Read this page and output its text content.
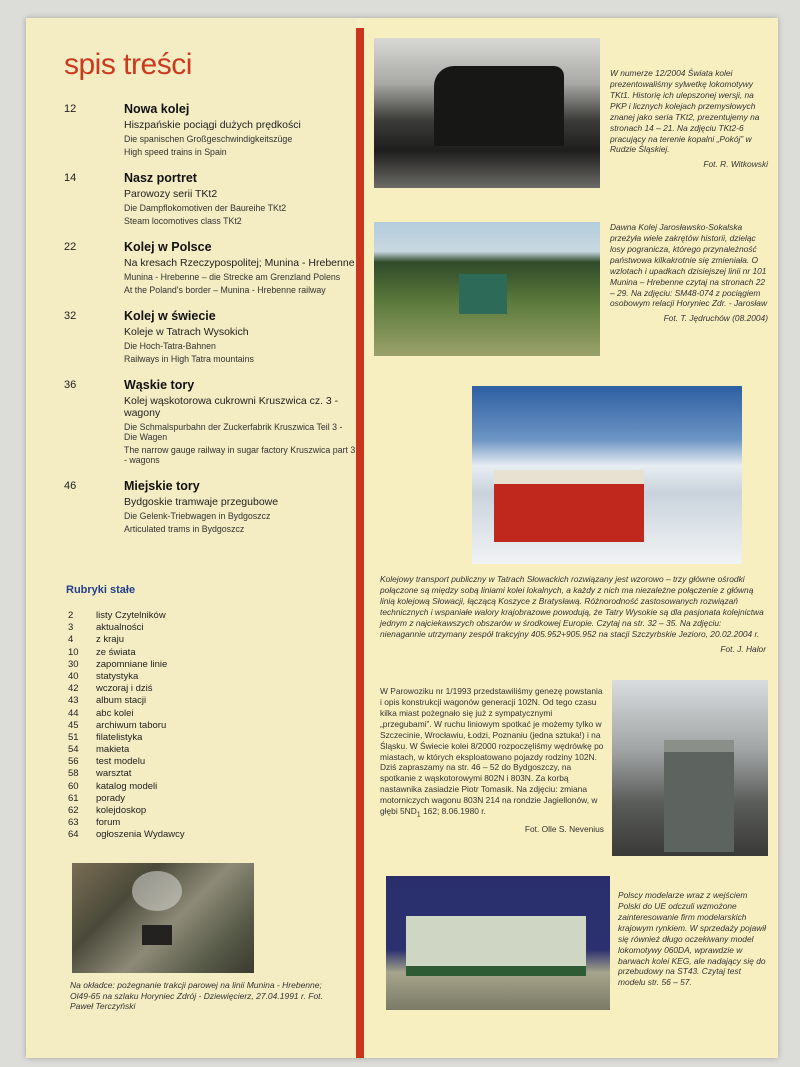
spis treści
12	Nowa kolej
Hiszpańskie pociągi dużych prędkości
Die spanischen Großgeschwindigkeitszüge
High speed trains in Spain
14	Nasz portret
Parowozy serii TKt2
Die Dampflokomotiven der Baureihe TKt2
Steam locomotives class TKt2
22	Kolej w Polsce
Na kresach Rzeczypospolitej; Munina - Hrebenne
Munina - Hrebenne – die Strecke am Grenzland Polens
At the Poland's border – Munina - Hrebenne railway
32	Kolej w świecie
Koleje w Tatrach Wysokich
Die Hoch-Tatra-Bahnen
Railways in High Tatra mountains
36	Wąskie tory
Kolej wąskotorowa cukrowni Kruszwica cz. 3 - wagony
Die Schmalspurbahn der Zuckerfabrik Kruszwica Teil 3 - Die Wagen
The narrow gauge railway in sugar factory Kruszwica part 3 - wagons
46	Miejskie tory
Bydgoskie tramwaje przegubowe
Die Gelenk-Triebwagen in Bydgoszcz
Articulated trams in Bydgoszcz
Rubryki stałe
2	listy Czytelników
3	aktualności
4	z kraju
10	ze świata
30	zapomniane linie
40	statystyka
42	wczoraj i dziś
43	album stacji
44	abc kolei
45	archiwum taboru
51	filatelistyka
54	makieta
56	test modelu
58	warsztat
60	katalog modeli
61	porady
62	kolejdoskop
63	forum
64	ogłoszenia Wydawcy
Na okładce: pożegnanie trakcji parowej na linii Munina - Hrebenne; Ol49-65 na szlaku Horyniec Zdrój - Dziewięcierz, 27.04.1991 r. Fot. Paweł Terczyński
W numerze 12/2004 Świata kolei prezentowaliśmy sylwetkę lokomotywy TKt1. Historię ich ulepszonej wersji, na PKP i licznych kolejach przemysłowych znanej jako seria TKt2, prezentujemy na stronach 14 – 21. Na zdjęciu TKt2-6 pracujący na terenie kopalni „Pokój” w Rudzie Śląskiej.
Fot. R. Witkowski
Dawna Kolej Jarosławsko-Sokalska przeżyła wiele zakrętów historii, dzieląc losy pogranicza, którego przynależność państwowa kilkakrotnie się zmieniała. O wzlotach i upadkach dzisiejszej linii nr 101 Munina – Hrebenne czytaj na stronach 22 – 29. Na zdjęciu: SM48-074 z pociągiem osobowym relacji Horyniec Zdr. - Jarosław
Fot. T. Jędruchów (08.2004)
Kolejowy transport publiczny w Tatrach Słowackich rozwiązany jest wzorowo – trzy główne ośrodki połączone są między sobą liniami kolei lokalnych, a każdy z nich ma niezależne połączenie z główną linią kolejową Słowacji, łączącą Koszyce z Bratysławą. Różnorodność zastosowanych rozwiązań technicznych i wspaniałe walory krajobrazowe powodują, że Tatry Wysokie są dla pasjonata kolejnictwa jednym z najciekawszych obszarów w środkowej Europie. Czytaj na str. 32 – 35. Na zdjęciu: nienagannie utrzymany zespół trakcyjny 405.952+905.952 na stacji Szczyrbskie Jezioro, 20.02.2004 r.
Fot. J. Halor
W Parowoziku nr 1/1993 przedstawiliśmy genezę powstania i opis konstrukcji wagonów generacji 102N. Od tego czasu kilka miast pożegnało się już z sympatycznymi „przegubami”. W ruchu liniowym spotkać je możemy tylko w Szczecinie, Wrocławiu, Łodzi, Poznaniu (jedna sztuka!) i na Śląsku. W Świecie kolei 8/2000 rozpoczęliśmy wędrówkę po miastach, w których eksploatowano pojazdy rodziny 102N. Dziś zapraszamy na str. 46 – 52 do Bydgoszczy, na spotkanie z wąskotorowymi 802N i 803N. Za korbą nastawnika zasiadzie Piotr Tomasik. Na zdjęciu: zmiana motorniczych wagonu 803N 214 na rondzie Jagiellonów, w głębi $5ND_1$ 162; 8.06.1980 r.
Fot. Olle S. Nevenius
Polscy modelarze wraz z wejściem Polski do UE odczuli wzmożone zainteresowanie firm modelarskich krajowym rynkiem. W sprzedaży pojawił się również długo oczekiwany model lokomotywy 060DA, wprawdzie w barwach kolei KEG, ale nadający się do przebudowy na ST43. Czytaj test modelu str. 56 – 57.
